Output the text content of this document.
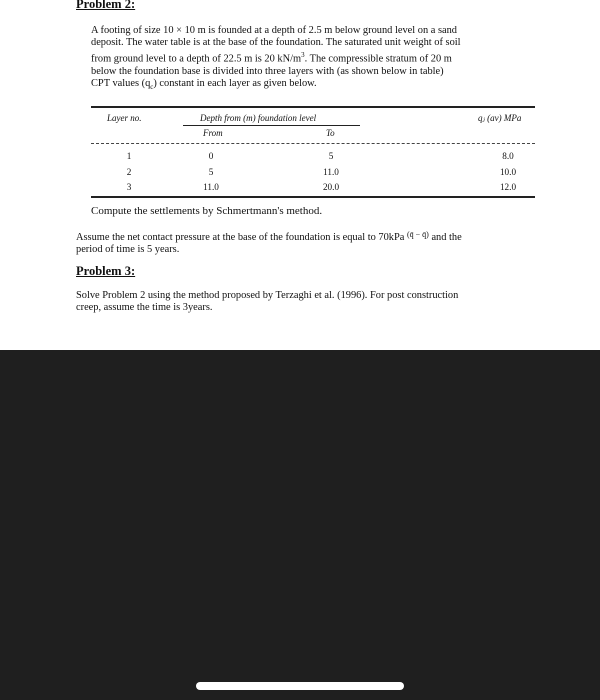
Problem 2:
A footing of size 10 × 10 m is founded at a depth of 2.5 m below ground level on a sand
deposit. The water table is at the base of the foundation. The saturated unit weight of soil
from ground level to a depth of 22.5 m is 20 $kN/m^3$. The compressible stratum of 20 m
below the foundation base is divided into three layers with (as shown below in table)
CPT values $(q_c)$ constant in each layer as given below.
Layer no.	Depth from (m) foundation level	qⱼ (av) MPa
From	To
1	0	5	8.0
2	5	11.0	10.0
3	11.0	20.0	12.0
Compute the settlements by Schmertmann's method.
Assume the net contact pressure at the base of the foundation is equal to 70kPa $^{(q̄ - q̄)}$ and the
period of time is 5 years.
Problem 3:
Solve Problem 2 using the method proposed by Terzaghi et al. (1996). For post construction
creep, assume the time is 3years.
